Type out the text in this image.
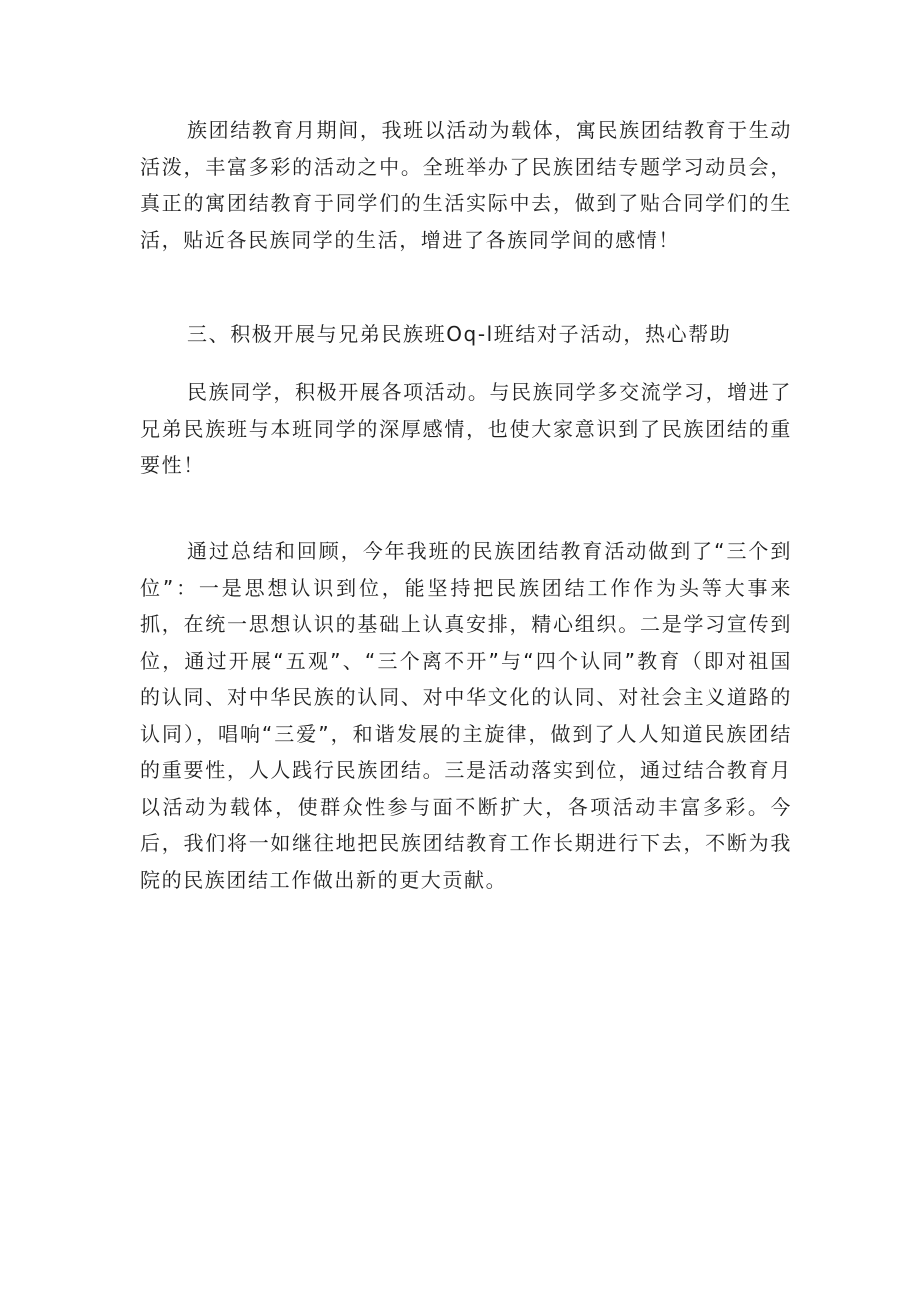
族团结教育月期间，我班以活动为载体，寓民族团结教育于生动活泼，丰富多彩的活动之中。全班举办了民族团结专题学习动员会，真正的寓团结教育于同学们的生活实际中去，做到了贴合同学们的生活，贴近各民族同学的生活，增进了各族同学间的感情！

三、积极开展与兄弟民族班Oq-l班结对子活动，热心帮助

民族同学，积极开展各项活动。与民族同学多交流学习，增进了兄弟民族班与本班同学的深厚感情，也使大家意识到了民族团结的重要性！

通过总结和回顾，今年我班的民族团结教育活动做到了“三个到位”：一是思想认识到位，能坚持把民族团结工作作为头等大事来抓，在统一思想认识的基础上认真安排，精心组织。二是学习宣传到位，通过开展“五观”、“三个离不开”与“四个认同”教育（即对祖国的认同、对中华民族的认同、对中华文化的认同、对社会主义道路的认同），唱响“三爱”，和谐发展的主旋律，做到了人人知道民族团结的重要性，人人践行民族团结。三是活动落实到位，通过结合教育月以活动为载体，使群众性参与面不断扩大，各项活动丰富多彩。今后，我们将一如继往地把民族团结教育工作长期进行下去，不断为我院的民族团结工作做出新的更大贡献。
